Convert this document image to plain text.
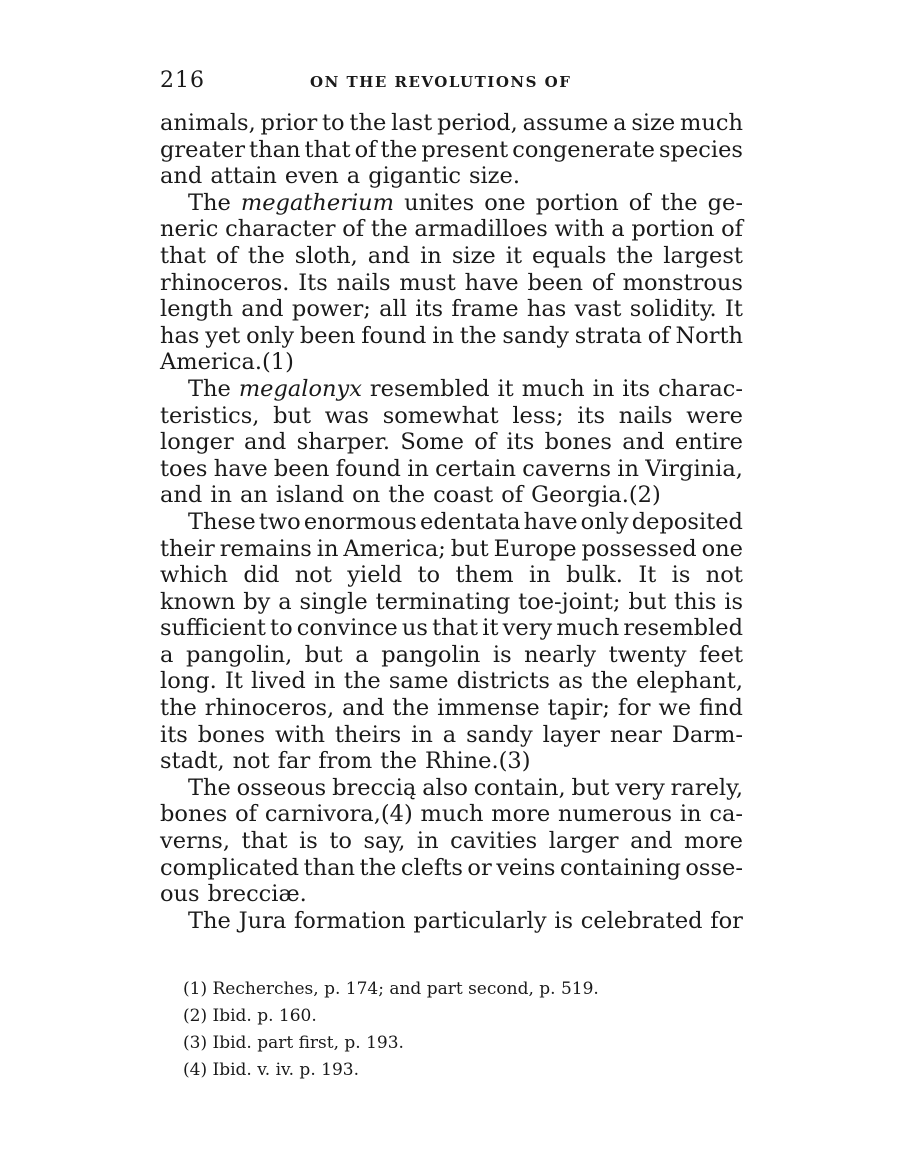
216	ON THE REVOLUTIONS OF
animals, prior to the last period, assume a size much
greater than that of the present congenerate species
and attain even a gigantic size.
The megatherium unites one portion of the ge-
neric character of the armadilloes with a portion of
that of the sloth, and in size it equals the largest
rhinoceros. Its nails must have been of monstrous
length and power; all its frame has vast solidity. It
has yet only been found in the sandy strata of North
America.(1)
The megalonyx resembled it much in its charac-
teristics, but was somewhat less; its nails were
longer and sharper. Some of its bones and entire
toes have been found in certain caverns in Virginia,
and in an island on the coast of Georgia.(2)
These two enormous edentata have only deposited
their remains in America; but Europe possessed one
which did not yield to them in bulk. It is not
known by a single terminating toe-joint; but this is
sufficient to convince us that it very much resembled
a pangolin, but a pangolin is nearly twenty feet
long. It lived in the same districts as the elephant,
the rhinoceros, and the immense tapir; for we find
its bones with theirs in a sandy layer near Darm-
stadt, not far from the Rhine.(3)
The osseous breccią also contain, but very rarely,
bones of carnivora,(4) much more numerous in ca-
verns, that is to say, in cavities larger and more
complicated than the clefts or veins containing osse-
ous brecciæ.
The Jura formation particularly is celebrated for
(1) Recherches, p. 174; and part second, p. 519.
(2) Ibid. p. 160.
(3) Ibid. part first, p. 193.
(4) Ibid. v. iv. p. 193.
